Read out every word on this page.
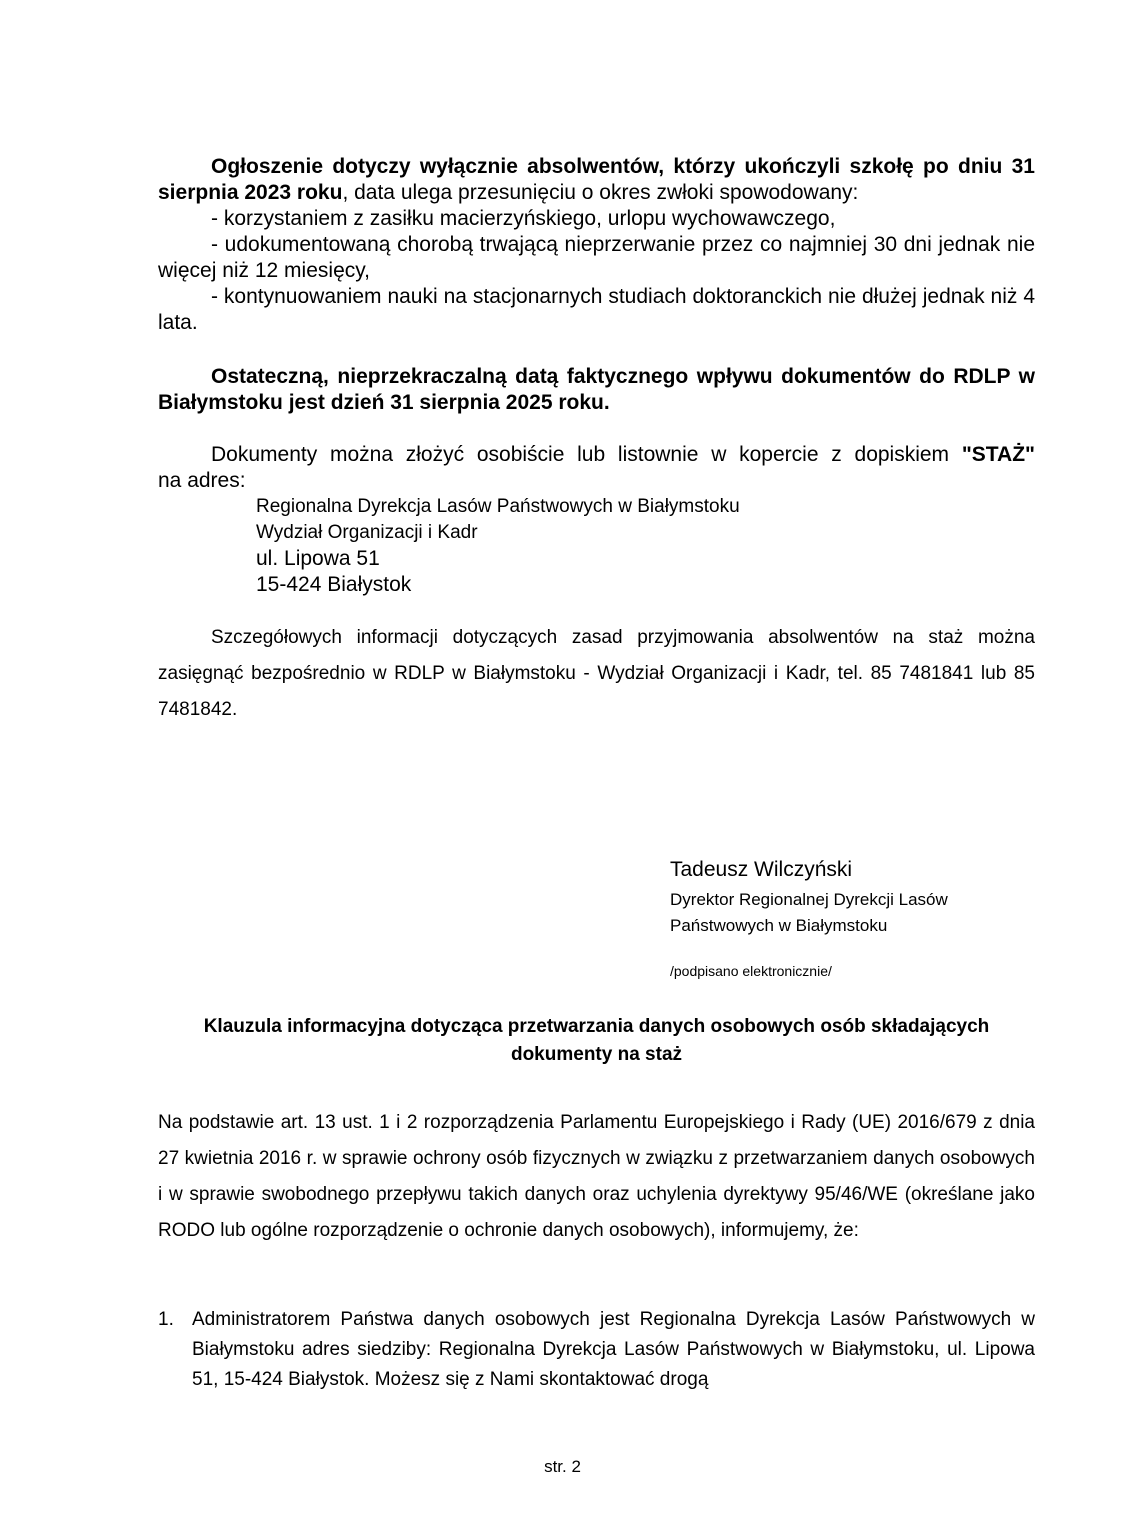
Ogłoszenie dotyczy wyłącznie absolwentów, którzy ukończyli szkołę po dniu 31 sierpnia 2023 roku, data ulega przesunięciu o okres zwłoki spowodowany:

- korzystaniem z zasiłku macierzyńskiego, urlopu wychowawczego,

- udokumentowaną chorobą trwającą nieprzerwanie przez co najmniej 30 dni jednak nie więcej niż 12 miesięcy,

- kontynuowaniem nauki na stacjonarnych studiach doktoranckich nie dłużej jednak niż 4 lata.

Ostateczną, nieprzekraczalną datą faktycznego wpływu dokumentów do RDLP w Białymstoku jest dzień 31 sierpnia 2025 roku.

Dokumenty można złożyć osobiście lub listownie w kopercie z dopiskiem "STAŻ"

na adres:

Regionalna Dyrekcja Lasów Państwowych w Białymstoku

Wydział Organizacji i Kadr

ul. Lipowa 51

15-424 Białystok

Szczegółowych informacji dotyczących zasad przyjmowania absolwentów na staż można zasięgnąć bezpośrednio w RDLP w Białymstoku - Wydział Organizacji i Kadr, tel. 85 7481841 lub 85 7481842.

Tadeusz Wilczyński

Dyrektor Regionalnej Dyrekcji Lasów

Państwowych w Białymstoku

/podpisano elektronicznie/

Klauzula informacyjna dotycząca przetwarzania danych osobowych osób składających

dokumenty na staż

Na podstawie art. 13 ust. 1 i 2 rozporządzenia Parlamentu Europejskiego i Rady (UE) 2016/679 z dnia 27 kwietnia 2016 r. w sprawie ochrony osób fizycznych w związku z przetwarzaniem danych osobowych i w sprawie swobodnego przepływu takich danych oraz uchylenia dyrektywy 95/46/WE (określane jako RODO lub ogólne rozporządzenie o ochronie danych osobowych), informujemy, że:

1. Administratorem Państwa danych osobowych jest Regionalna Dyrekcja Lasów Państwowych w Białymstoku adres siedziby: Regionalna Dyrekcja Lasów Państwowych w Białymstoku, ul. Lipowa 51, 15-424 Białystok. Możesz się z Nami skontaktować drogą
str. 2
